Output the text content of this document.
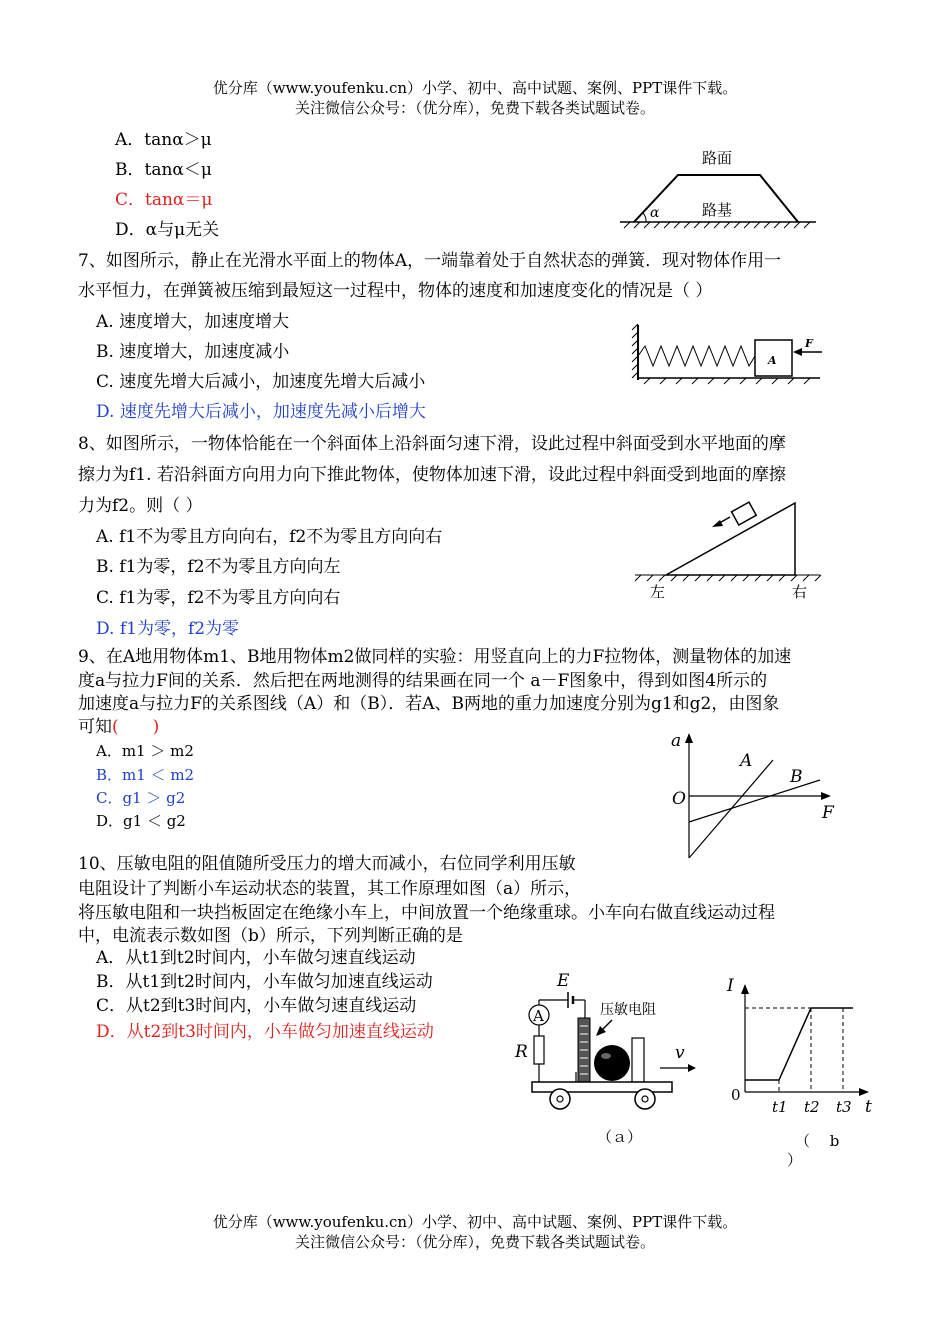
优分库（www.youfenku.cn）小学、初中、高中试题、案例、PPT课件下载。
关注微信公众号：（优分库），免费下载各类试题试卷。
A．tanα＞μ
B．tanα＜μ
C．tanα＝μ
D．α与μ无关
α
路面
路基
7、如图所示，静止在光滑水平面上的物体A，一端靠着处于自然状态的弹簧．现对物体作用一
水平恒力，在弹簧被压缩到最短这一过程中，物体的速度和加速度变化的情况是（ ）
A. 速度增大，加速度增大
B. 速度增大，加速度减小
C. 速度先增大后减小，加速度先增大后减小
D. 速度先增大后减小，加速度先减小后增大
A
F
8、如图所示，一物体恰能在一个斜面体上沿斜面匀速下滑，设此过程中斜面受到水平地面的摩
擦力为f1. 若沿斜面方向用力向下推此物体，使物体加速下滑，设此过程中斜面受到地面的摩擦
力为f2。则（ ）
A. f1不为零且方向向右，f2不为零且方向向右
B. f1为零，f2不为零且方向向左
C. f1为零，f2不为零且方向向右
D. f1为零，f2为零
左	右
9、在A地用物体m1、B地用物体m2做同样的实验：用竖直向上的力F拉物体，测量物体的加速
度a与拉力F间的关系．然后把在两地测得的结果画在同一个 a－F图象中，得到如图4所示的
加速度a与拉力F的关系图线（A）和（B）．若A、B两地的重力加速度分别为g1和g2，由图象
可知(　　)
A．m1 ＞ m2
B．m1 ＜ m2
C．g1 ＞ g2
D．g1 ＜ g2
a
O
F
A
B
10、压敏电阻的阻值随所受压力的增大而减小，右位同学利用压敏
电阻设计了判断小车运动状态的装置，其工作原理如图（a）所示，
将压敏电阻和一块挡板固定在绝缘小车上，中间放置一个绝缘重球。小车向右做直线运动过程
中，电流表示数如图（b）所示，下列判断正确的是
A．从t1到t2时间内，小车做匀速直线运动
B．从t1到t2时间内，小车做匀加速直线运动
C．从t2到t3时间内，小车做匀速直线运动
D．从t2到t3时间内，小车做匀加速直线运动
E
A
R
压敏电阻
v
（ａ）
I
0
t
t1 t2 t3
（　 b
）
优分库（www.youfenku.cn）小学、初中、高中试题、案例、PPT课件下载。
关注微信公众号：（优分库），免费下载各类试题试卷。
